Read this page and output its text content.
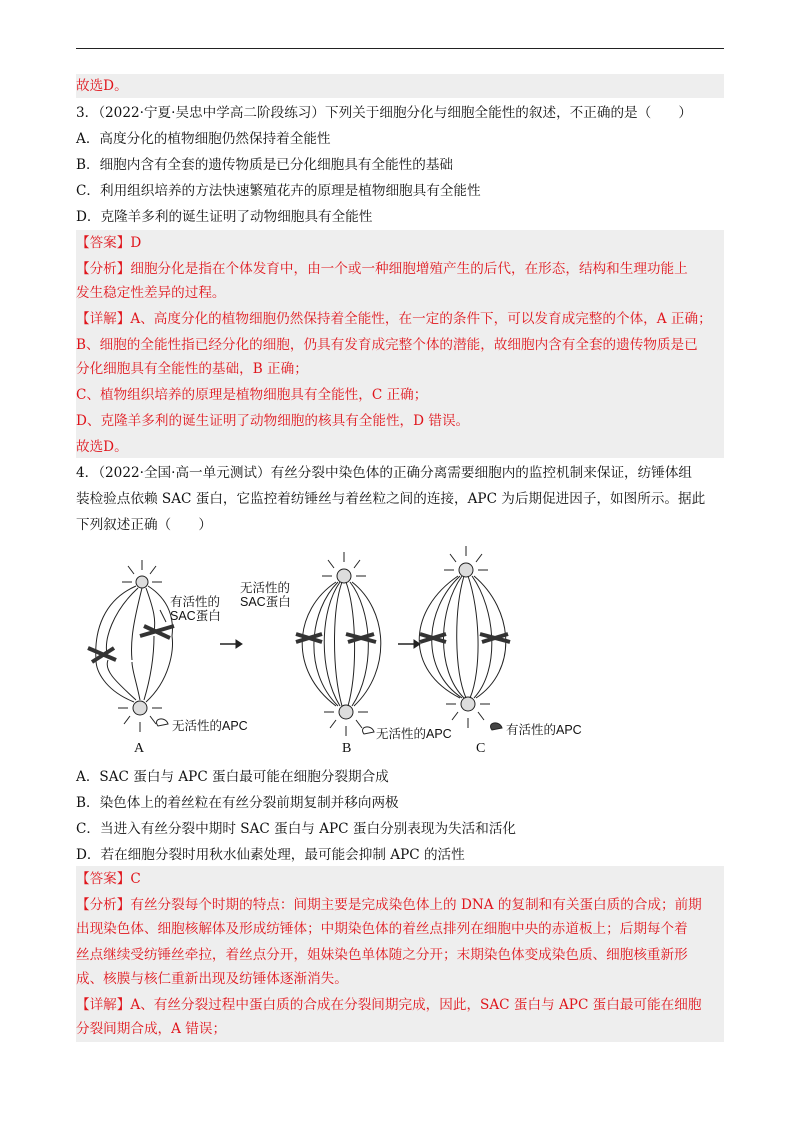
故选D。
3．（2022·宁夏·吴忠中学高二阶段练习）下列关于细胞分化与细胞全能性的叙述，不正确的是（　　）
A．高度分化的植物细胞仍然保持着全能性
B．细胞内含有全套的遗传物质是已分化细胞具有全能性的基础
C．利用组织培养的方法快速繁殖花卉的原理是植物细胞具有全能性
D．克隆羊多利的诞生证明了动物细胞具有全能性
【答案】D
【分析】细胞分化是指在个体发育中，由一个或一种细胞增殖产生的后代，在形态，结构和生理功能上
发生稳定性差异的过程。
【详解】A、高度分化的植物细胞仍然保持着全能性，在一定的条件下，可以发育成完整的个体，A 正确；
B、细胞的全能性指已经分化的细胞，仍具有发育成完整个体的潜能，故细胞内含有全套的遗传物质是已
分化细胞具有全能性的基础，B 正确；
C、植物组织培养的原理是植物细胞具有全能性，C 正确；
D、克隆羊多利的诞生证明了动物细胞的核具有全能性，D 错误。
故选D。
4．（2022·全国·高一单元测试）有丝分裂中染色体的正确分离需要细胞内的监控机制来保证，纺锤体组
装检验点依赖 SAC 蛋白，它监控着纺锤丝与着丝粒之间的连接，APC 为后期促进因子，如图所示。据此
下列叙述正确（　　）
有活性的
SAC蛋白
无活性的
SAC蛋白
无活性的APC
无活性的APC	有活性的APC
A	B	C
A．SAC 蛋白与 APC 蛋白最可能在细胞分裂期合成
B．染色体上的着丝粒在有丝分裂前期复制并移向两极
C．当进入有丝分裂中期时 SAC 蛋白与 APC 蛋白分别表现为失活和活化
D．若在细胞分裂时用秋水仙素处理，最可能会抑制 APC 的活性
【答案】C
【分析】有丝分裂每个时期的特点：间期主要是完成染色体上的 DNA 的复制和有关蛋白质的合成；前期
出现染色体、细胞核解体及形成纺锤体；中期染色体的着丝点排列在细胞中央的赤道板上；后期每个着
丝点继续受纺锤丝牵拉，着丝点分开，姐妹染色单体随之分开；末期染色体变成染色质、细胞核重新形
成、核膜与核仁重新出现及纺锤体逐渐消失。
【详解】A、有丝分裂过程中蛋白质的合成在分裂间期完成，因此，SAC 蛋白与 APC 蛋白最可能在细胞
分裂间期合成，A 错误；
